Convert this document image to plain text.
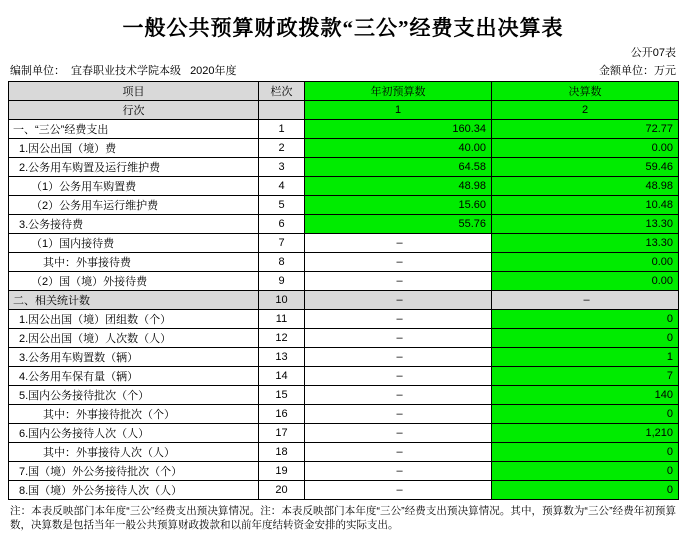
一般公共预算财政拨款“三公”经费支出决算表
公开07表
编制单位： 宜春职业技术学院本级 2020年度	金额单位：万元
项目	栏次	年初预算数	决算数
行次		1	2
一、“三公”经费支出	1	160.34	72.77
1.因公出国（境）费	2	40.00	0.00
2.公务用车购置及运行维护费	3	64.58	59.46
（1）公务用车购置费	4	48.98	48.98
（2）公务用车运行维护费	5	15.60	10.48
3.公务接待费	6	55.76	13.30
（1）国内接待费	7	–	13.30
其中：外事接待费	8	–	0.00
（2）国（境）外接待费	9	–	0.00
二、相关统计数	10	–	–
1.因公出国（境）团组数（个）	11	–	0
2.因公出国（境）人次数（人）	12	–	0
3.公务用车购置数（辆）	13	–	1
4.公务用车保有量（辆）	14	–	7
5.国内公务接待批次（个）	15	–	140
其中：外事接待批次（个）	16	–	0
6.国内公务接待人次（人）	17	–	1,210
其中：外事接待人次（人）	18	–	0
7.国（境）外公务接待批次（个）	19	–	0
8.国（境）外公务接待人次（人）	20	–	0
注：本表反映部门本年度“三公”经费支出预决算情况。注：本表反映部门本年度“三公”经费支出预决算情况。其中，预算数为“三公”经费年初预算数，决算数是包括当年一般公共预算财政拨款和以前年度结转资金安排的实际支出。
